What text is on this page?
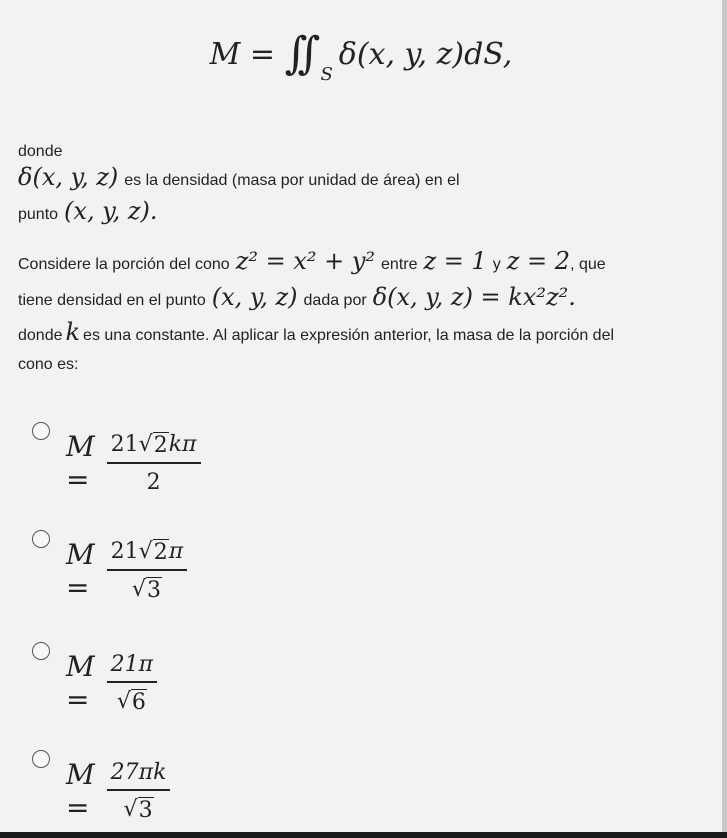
M = ∫∫ $_S$δ(x, y, z)dS,
donde
δ(x, y, z) es la densidad (masa por unidad de área) en el
punto (x, y, z).
Considere la porción del cono z² = x² + y² entre z = 1 y z = 2 , que
tiene densidad en el punto (x, y, z) dada por δ(x, y, z) = kx²z².
donde k es una constante. Al aplicar la expresión anterior, la masa de la porción del
cono es:
$M = \frac{21 √ 2 k\pi}{2}$
$M = \frac{21 √ 2 \pi}{√ 3}$
$M = \frac{21\pi}{√ 6}$
$M = \frac{27\pi k}{√ 3}$
